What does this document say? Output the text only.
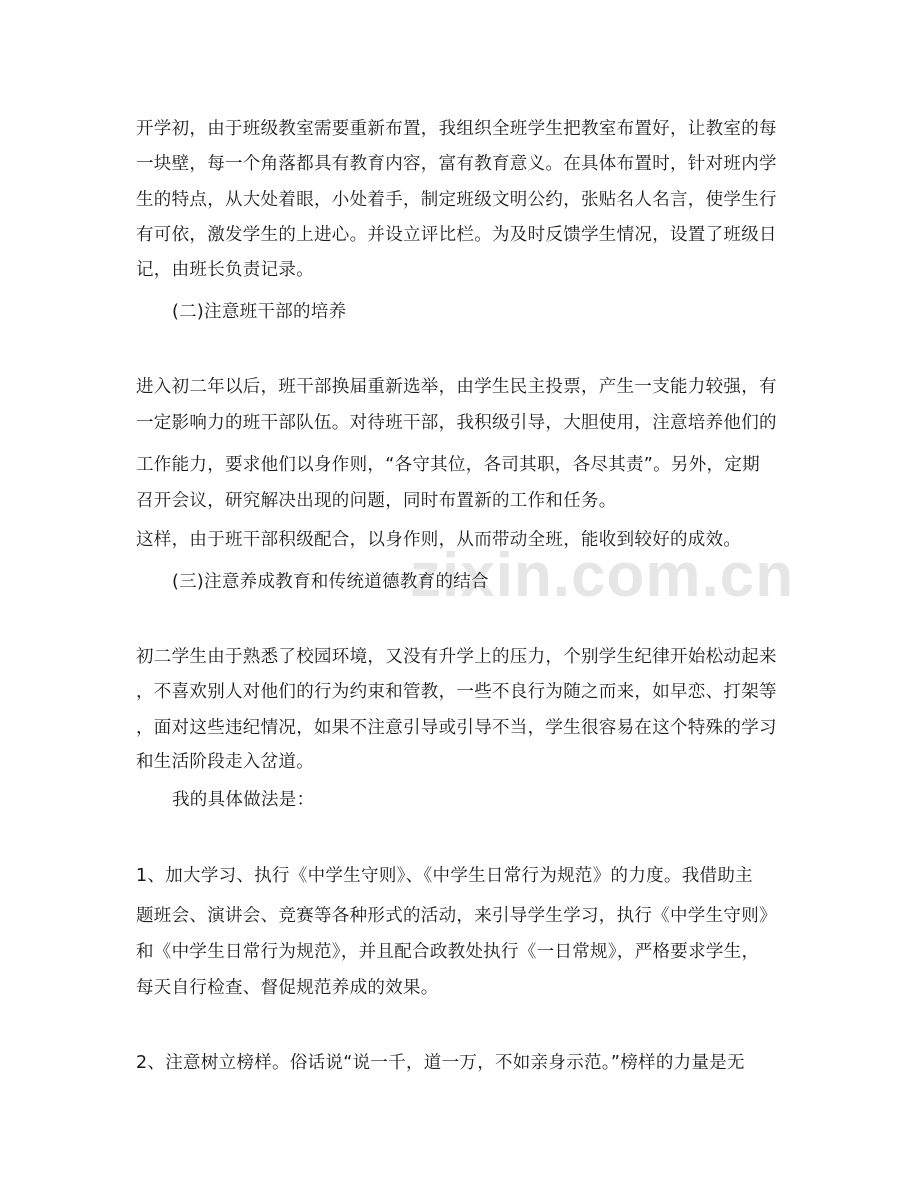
zixin.com.cn
开学初，由于班级教室需要重新布置，我组织全班学生把教室布置好，让教室的每
一块壁，每一个角落都具有教育内容，富有教育意义。在具体布置时，针对班内学
生的特点，从大处着眼，小处着手，制定班级文明公约，张贴名人名言，使学生行
有可依，激发学生的上进心。并设立评比栏。为及时反馈学生情况，设置了班级日
记，由班长负责记录。
(二)注意班干部的培养
进入初二年以后，班干部换届重新选举，由学生民主投票，产生一支能力较强，有
一定影响力的班干部队伍。对待班干部，我积级引导，大胆使用，注意培养他们的
工作能力，要求他们以身作则，“各守其位，各司其职，各尽其责”。另外，定期
召开会议，研究解决出现的问题，同时布置新的工作和任务。
这样，由于班干部积级配合，以身作则，从而带动全班，能收到较好的成效。
(三)注意养成教育和传统道德教育的结合
初二学生由于熟悉了校园环境，又没有升学上的压力，个别学生纪律开始松动起来
，不喜欢别人对他们的行为约束和管教，一些不良行为随之而来，如早恋、打架等
，面对这些违纪情况，如果不注意引导或引导不当，学生很容易在这个特殊的学习
和生活阶段走入岔道。
我的具体做法是：
1、加大学习、执行《中学生守则》、《中学生日常行为规范》的力度。我借助主
题班会、演讲会、竞赛等各种形式的活动，来引导学生学习，执行《中学生守则》
和《中学生日常行为规范》，并且配合政教处执行《一日常规》，严格要求学生，
每天自行检查、督促规范养成的效果。
2、注意树立榜样。俗话说“说一千，道一万，不如亲身示范。”榜样的力量是无
